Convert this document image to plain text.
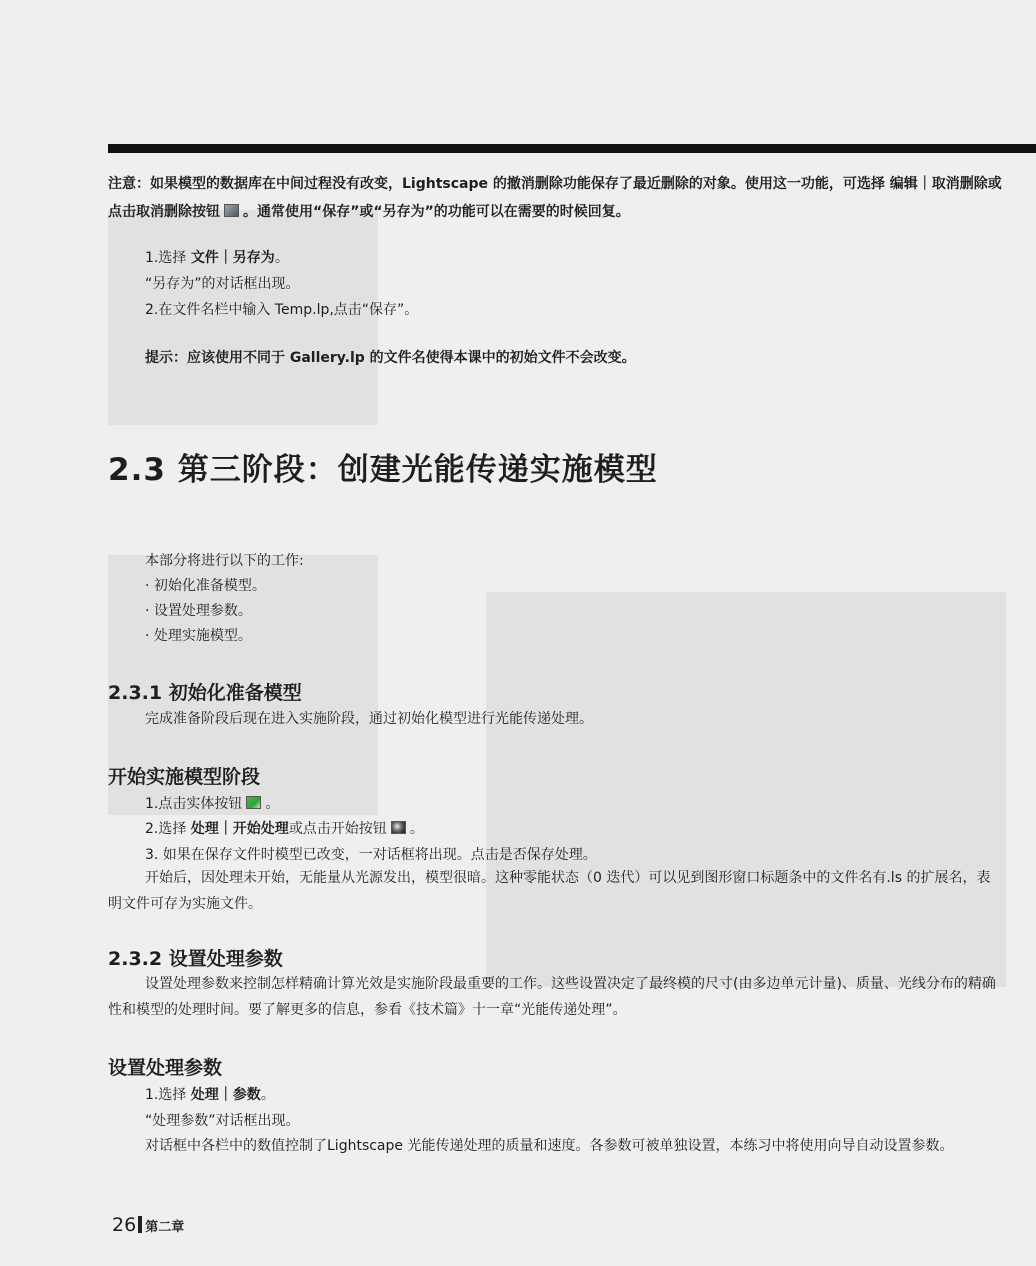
注意：如果模型的数据库在中间过程没有改变，Lightscape 的撤消删除功能保存了最近删除的对象。使用这一功能，可选择 编辑｜取消删除或点击取消删除按钮 。通常使用“保存”或“另存为”的功能可以在需要的时候回复。

1.选择 文件｜另存为。

“另存为”的对话框出现。

2.在文件名栏中输入 Temp.lp,点击“保存”。

提示：应该使用不同于 Gallery.lp 的文件名使得本课中的初始文件不会改变。

2.3 第三阶段：创建光能传递实施模型

本部分将进行以下的工作:

· 初始化准备模型。

· 设置处理参数。

· 处理实施模型。

2.3.1 初始化准备模型

完成准备阶段后现在进入实施阶段，通过初始化模型进行光能传递处理。

开始实施模型阶段

1.点击实体按钮 。

2.选择 处理｜开始处理或点击开始按钮 。

3. 如果在保存文件时模型已改变，一对话框将出现。点击是否保存处理。

开始后，因处理未开始，无能量从光源发出，模型很暗。这种零能状态（0 迭代）可以见到图形窗口标题条中的文件名有.ls 的扩展名，表明文件可存为实施文件。

2.3.2 设置处理参数

设置处理参数来控制怎样精确计算光效是实施阶段最重要的工作。这些设置决定了最终模的尺寸(由多边单元计量)、质量、光线分布的精确性和模型的处理时间。要了解更多的信息，参看《技术篇》十一章“光能传递处理”。

设置处理参数

1.选择 处理｜参数。

“处理参数”对话框出现。

对话框中各栏中的数值控制了Lightscape 光能传递处理的质量和速度。各参数可被单独设置，本练习中将使用向导自动设置参数。

26 第二章
